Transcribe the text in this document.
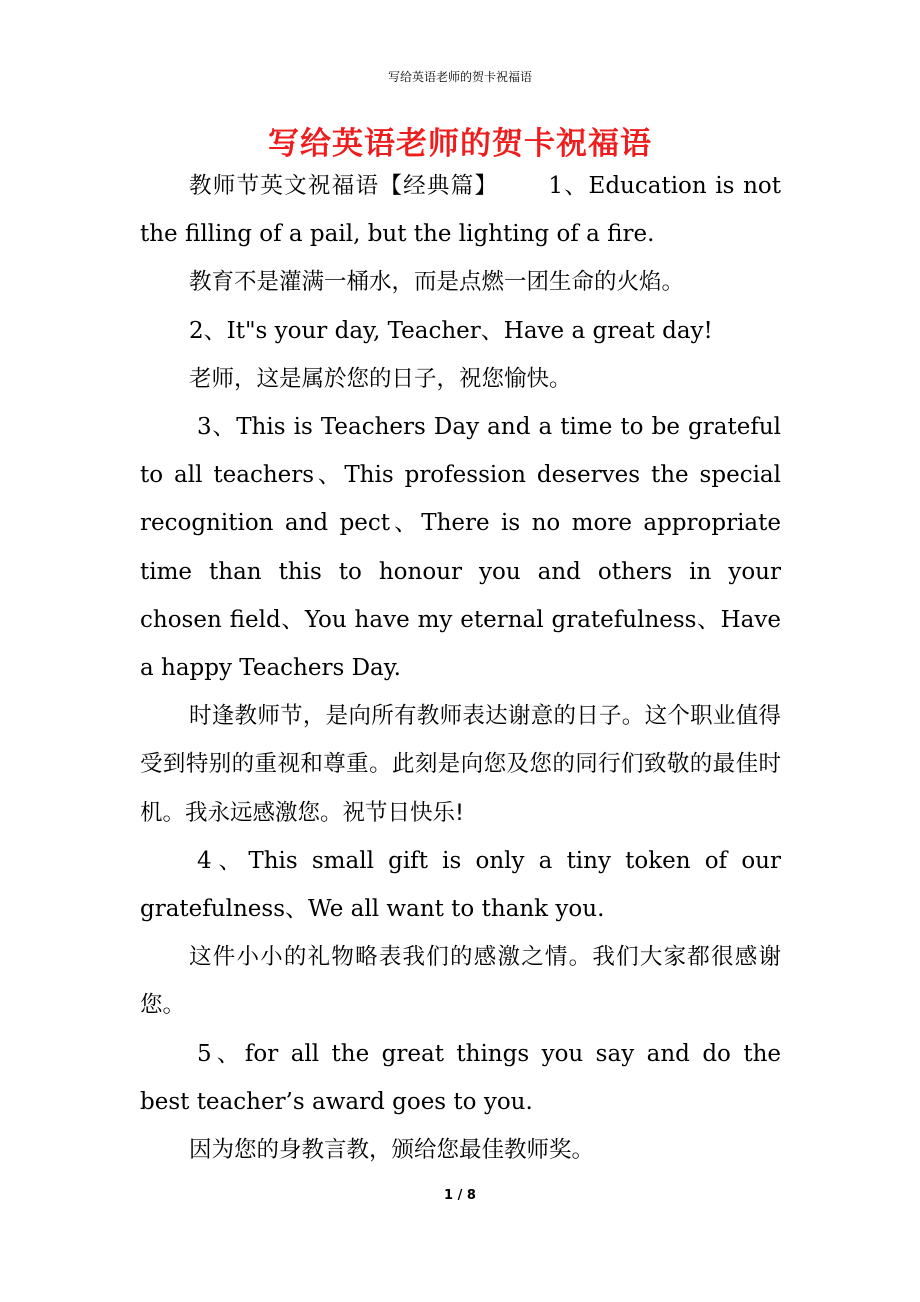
写给英语老师的贺卡祝福语
写给英语老师的贺卡祝福语

教师节英文祝福语【经典篇】 1、Education is not the filling of a pail, but the lighting of a fire.

教育不是灌满一桶水，而是点燃一团生命的火焰。

2、It"s your day, Teacher、Have a great day!

老师，这是属於您的日子，祝您愉快。

3、This is Teachers Day and a time to be grateful to all teachers、This profession deserves the special recognition and pect、There is no more appropriate time than this to honour you and others in your chosen field、You have my eternal gratefulness、Have a happy Teachers Day.

时逢教师节，是向所有教师表达谢意的日子。这个职业值得受到特别的重视和尊重。此刻是向您及您的同行们致敬的最佳时机。我永远感激您。祝节日快乐!

4、This small gift is only a tiny token of our gratefulness、We all want to thank you.

这件小小的礼物略表我们的感激之情。我们大家都很感谢您。

5、for all the great things you say and do the best teacher’s award goes to you.

因为您的身教言教，颁给您最佳教师奖。

1 / 8
